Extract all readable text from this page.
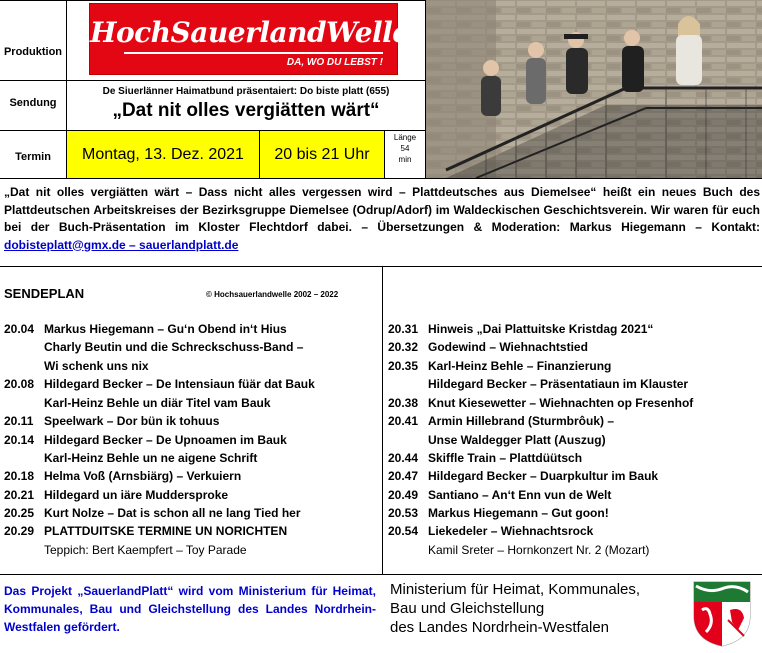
Produktion
Sendung
Termin
HochSauerlandWelle
DA, WO DU LEBST !
De Siuerlänner Haimatbund präsentaiert: Do biste platt (655)
„Dat nit olles vergiätten wärt“
Montag, 13. Dez. 2021	20 bis 21 Uhr
Länge
54
min
„Dat nit olles vergiätten wärt – Dass nicht alles vergessen wird – Plattdeutsches aus Diemelsee“ heißt ein neues Buch des Plattdeutschen Arbeitskreises der Bezirksgruppe Diemelsee (Odrup/Adorf) im Waldeckischen Geschichtsverein. Wir waren für euch bei der Buch-Präsentation im Kloster Flechtdorf dabei. – Übersetzungen & Moderation: Markus Hiegemann – Kontakt: dobisteplatt@gmx.de – sauerlandplatt.de
SENDEPLAN	© Hochsauerlandwelle 2002 – 2022
20.04 Markus Hiegemann – Gu‘n Obend in‘t Hius
Charly Beutin und die Schreckschuss-Band –
Wi schenk uns nix
20.08 Hildegard Becker – De Intensiaun füär dat Bauk
Karl-Heinz Behle un diär Titel vam Bauk
20.11 Speelwark – Dor bün ik tohuus
20.14 Hildegard Becker – De Upnoamen im Bauk
Karl-Heinz Behle un ne aigene Schrift
20.18 Helma Voß (Arnsbiärg) – Verkuiern
20.21 Hildegard un iäre Muddersproke
20.25 Kurt Nolze – Dat is schon all ne lang Tied her
20.29 PLATTDUITSKE TERMINE UN NORICHTEN
Teppich: Bert Kaempfert – Toy Parade
20.31 Hinweis „Dai Plattuitske Kristdag 2021“
20.32 Godewind – Wiehnachtstied
20.35 Karl-Heinz Behle – Finanzierung
Hildegard Becker – Präsentatiaun im Klauster
20.38 Knut Kiesewetter – Wiehnachten op Fresenhof
20.41 Armin Hillebrand (Sturmbrôuk) –
Unse Waldegger Platt (Auszug)
20.44 Skiffle Train – Plattdüütsch
20.47 Hildegard Becker – Duarpkultur im Bauk
20.49 Santiano – An‘t Enn vun de Welt
20.53 Markus Hiegemann – Gut goon!
20.54 Liekedeler – Wiehnachtsrock
Kamil Sreter – Hornkonzert Nr. 2 (Mozart)
Das Projekt „SauerlandPlatt“ wird vom Ministerium für Heimat, Kommunales, Bau und Gleichstellung des Landes Nordrhein-Westfalen gefördert.
Ministerium für Heimat, Kommunales,
Bau und Gleichstellung
des Landes Nordrhein-Westfalen
